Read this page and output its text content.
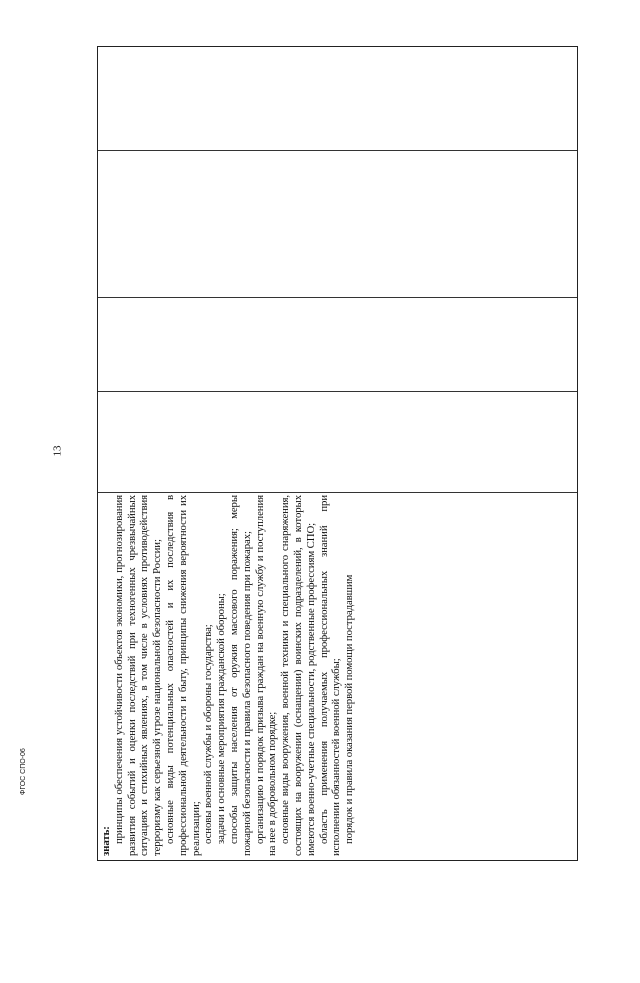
13
знать: принципы обеспечения устойчивости объектов экономики, прогнозирования развития событий и оценки последствий при техногенных чрезвычайных ситуациях и стихийных явлениях, в том числе в условиях противодействия терроризму как серьезной угрозе национальной безопасности России; основные виды потенциальных опасностей и их последствия в профессиональной деятельности и быту, принципы снижения вероятности их реализации; основы военной службы и обороны государства; задачи и основные мероприятия гражданской обороны; способы защиты населения от оружия массового поражения; меры пожарной безопасности и правила безопасного поведения при пожарах; организацию и порядок призыва граждан на военную службу и поступления на нее в добровольном порядке; основные виды вооружения, военной техники и специального снаряжения, состоящих на вооружении (оснащении) воинских подразделений, в которых имеются военно-учетные специальности, родственные профессиям СПО; область применения получаемых профессиональных знаний при исполнении обязанностей военной службы; порядок и правила оказания первой помощи пострадавшим
ФГОС СПО-06
